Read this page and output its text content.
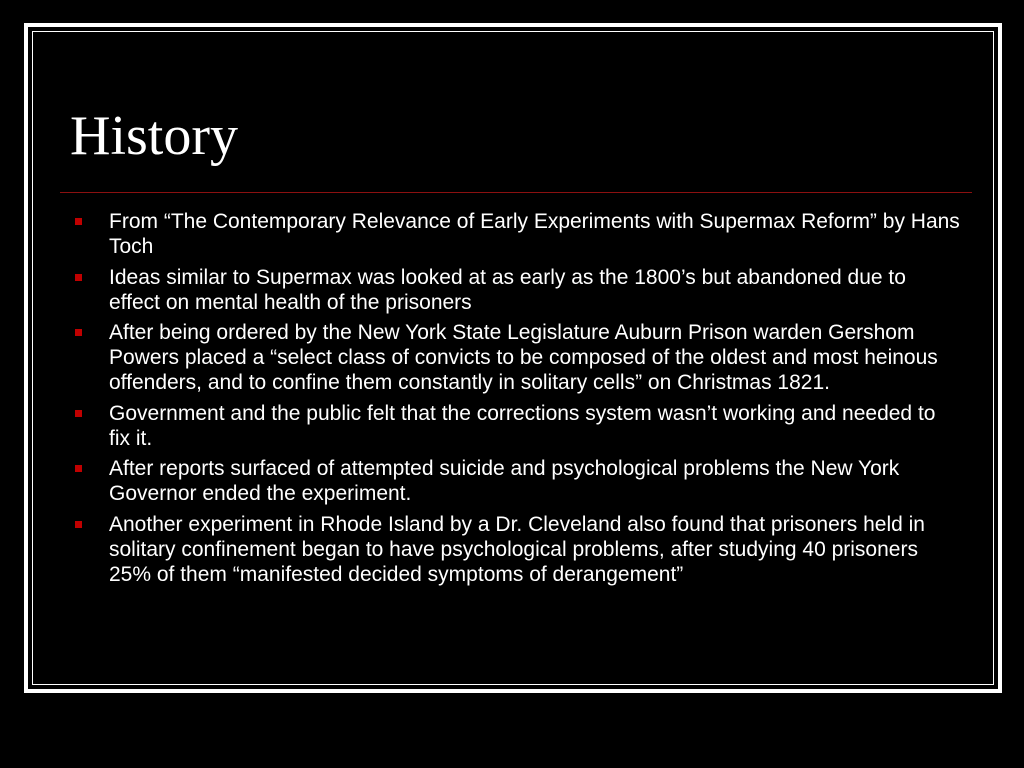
History
From “The Contemporary Relevance of Early Experiments with Supermax Reform” by Hans Toch
Ideas similar to Supermax was looked at as early as the 1800’s but abandoned due to effect on mental health of the prisoners
After being ordered by the New York State Legislature Auburn Prison warden Gershom Powers placed a “select class of convicts to be composed of the oldest and most heinous offenders, and to confine them constantly in solitary cells” on Christmas 1821.
Government and the public felt that the corrections system wasn’t working and needed to fix it.
After reports surfaced of attempted suicide and psychological problems the New York Governor ended the experiment.
Another experiment in Rhode Island by a Dr. Cleveland also found that prisoners held in solitary confinement began to have psychological problems, after studying 40 prisoners 25% of them “manifested decided symptoms of derangement”
